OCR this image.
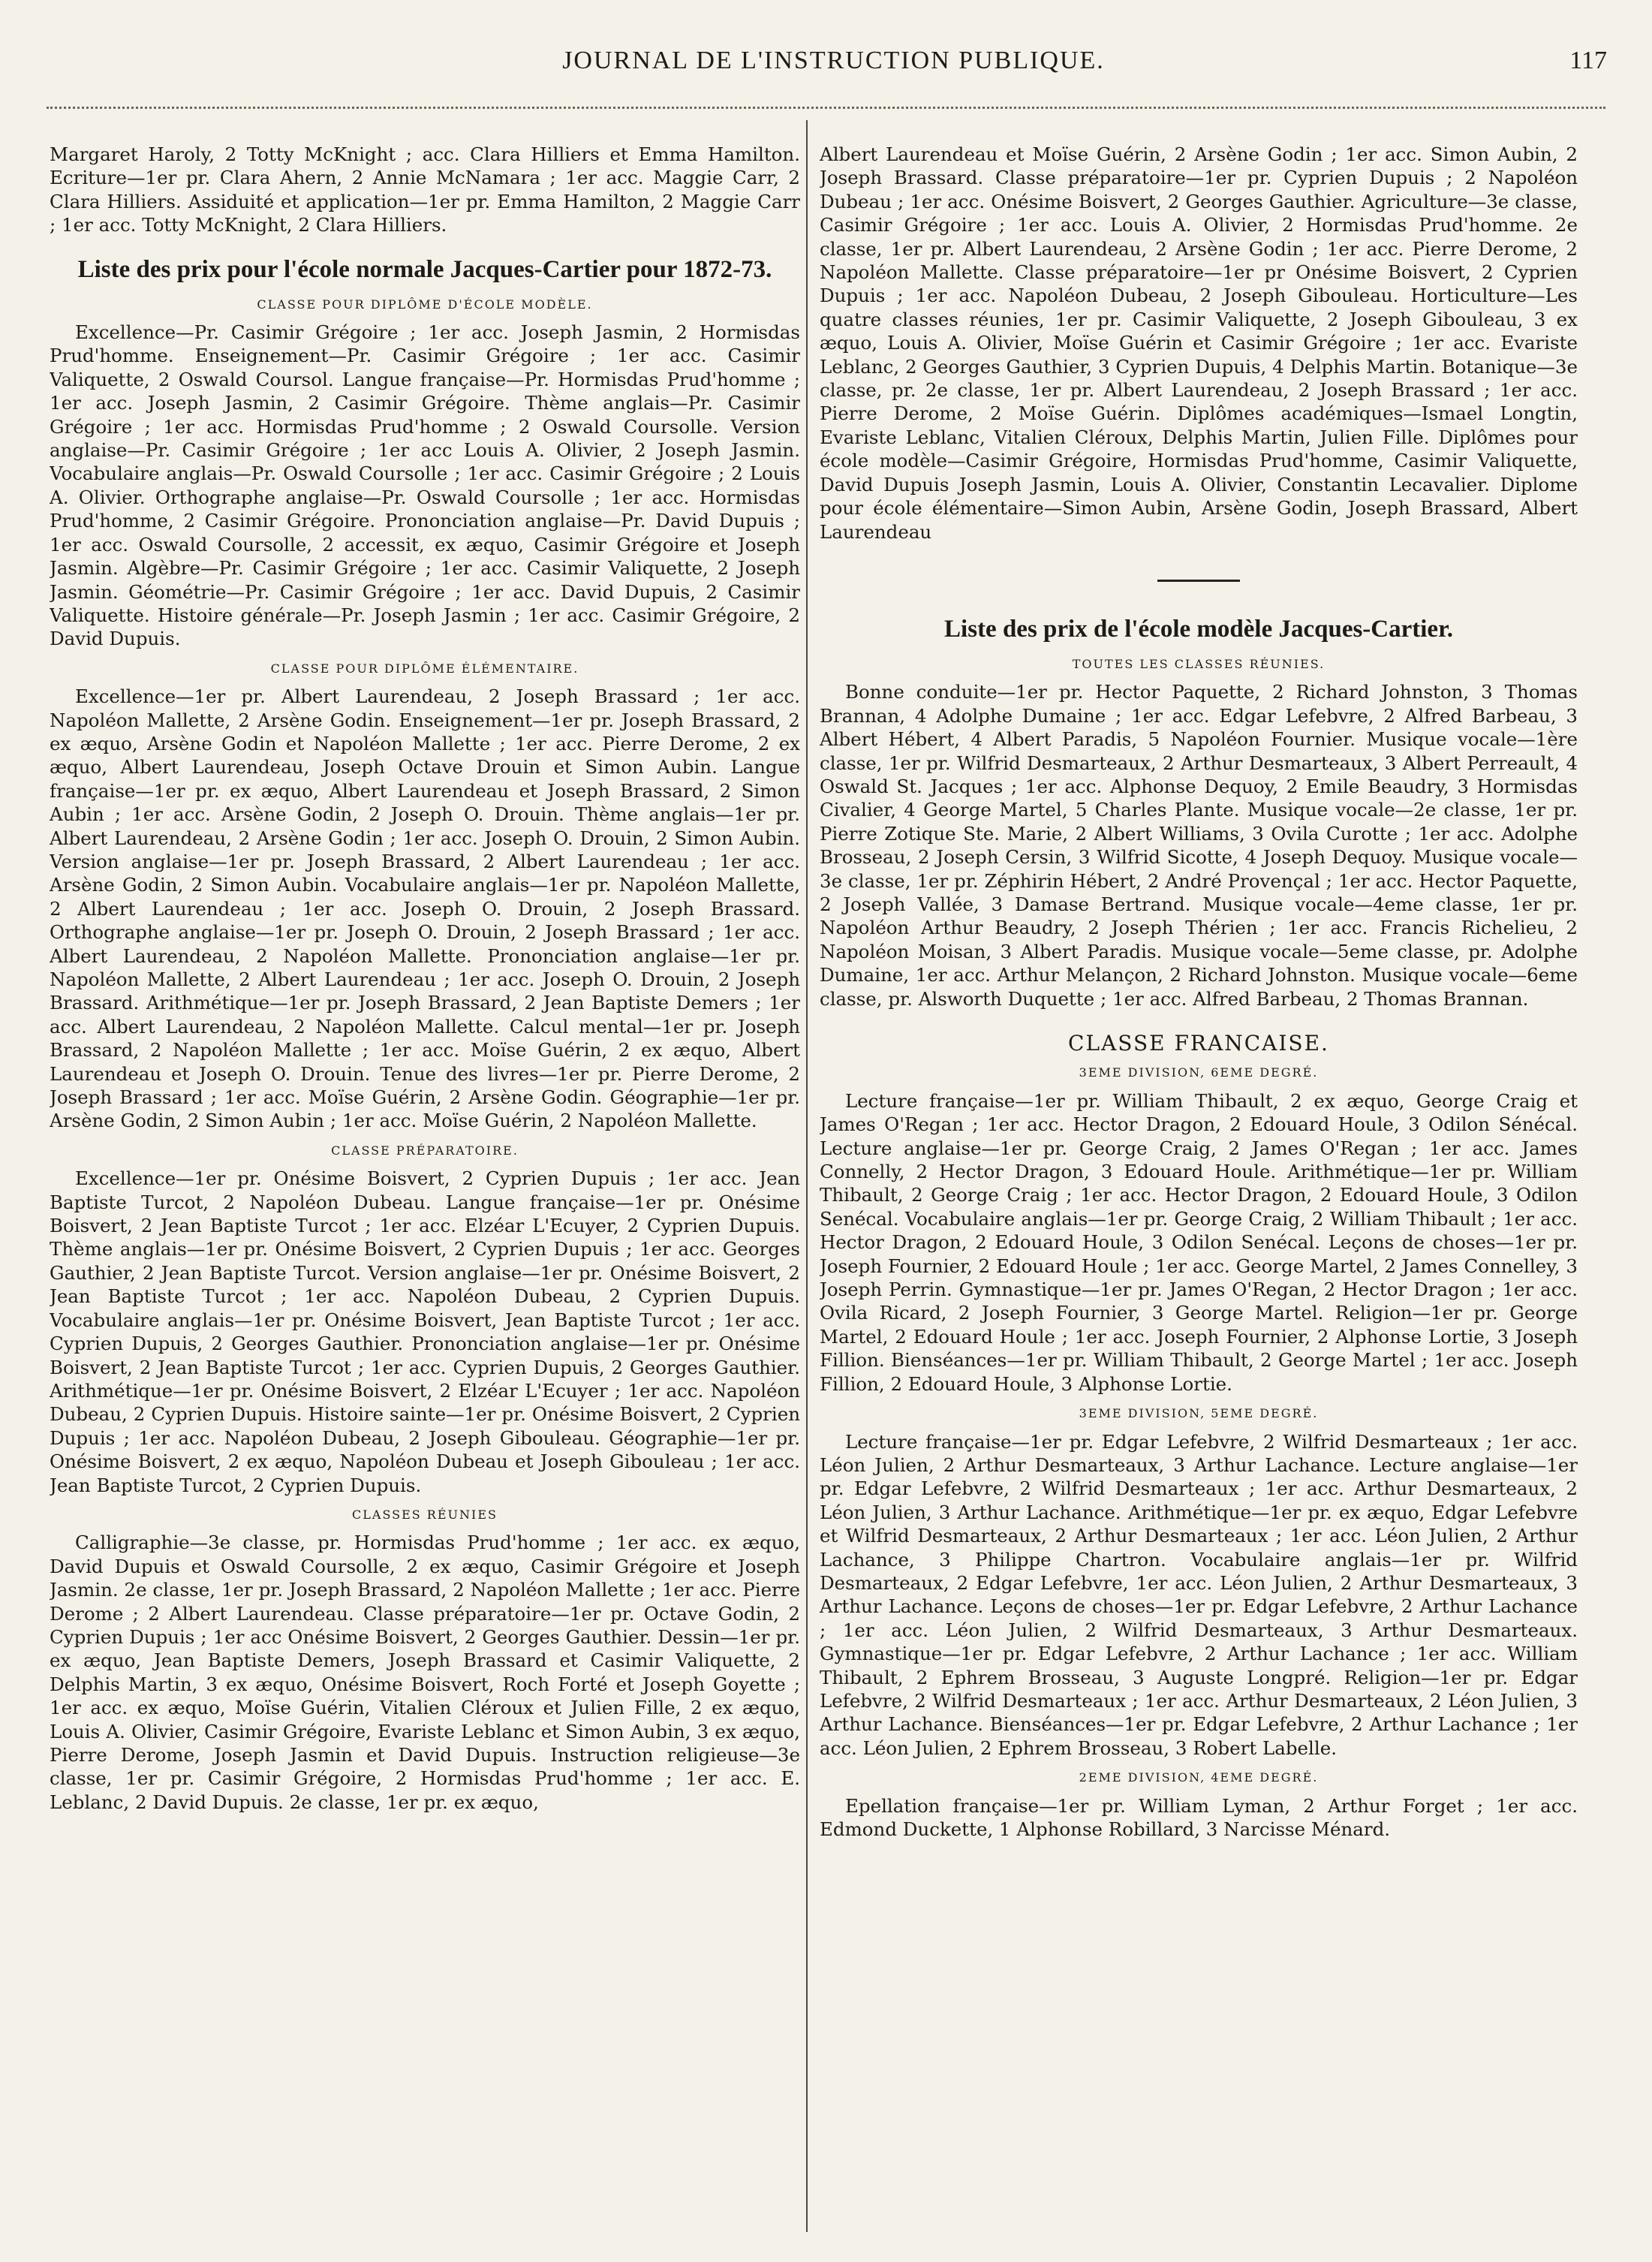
JOURNAL DE L'INSTRUCTION PUBLIQUE.	117

Margaret Haroly, 2 Totty McKnight ; acc. Clara Hilliers et Emma Hamilton. Ecriture—1er pr. Clara Ahern, 2 Annie McNamara ; 1er acc. Maggie Carr, 2 Clara Hilliers. Assiduité et application—1er pr. Emma Hamilton, 2 Maggie Carr ; 1er acc. Totty McKnight, 2 Clara Hilliers.

Liste des prix pour l'école normale Jacques-Cartier pour 1872-73.
CLASSE POUR DIPLÔME D'ÉCOLE MODÈLE.

Excellence—Pr. Casimir Grégoire ; 1er acc. Joseph Jasmin, 2 Hormisdas Prud'homme. Enseignement—Pr. Casimir Grégoire ; 1er acc. Casimir Valiquette, 2 Oswald Coursol. Langue française—Pr. Hormisdas Prud'homme ; 1er acc. Joseph Jasmin, 2 Casimir Grégoire. Thème anglais—Pr. Casimir Grégoire ; 1er acc. Hormisdas Prud'homme ; 2 Oswald Coursolle. Version anglaise—Pr. Casimir Grégoire ; 1er acc Louis A. Olivier, 2 Joseph Jasmin. Vocabulaire anglais—Pr. Oswald Coursolle ; 1er acc. Casimir Grégoire ; 2 Louis A. Olivier. Orthographe anglaise—Pr. Oswald Coursolle ; 1er acc. Hormisdas Prud'homme, 2 Casimir Grégoire. Prononciation anglaise—Pr. David Dupuis ; 1er acc. Oswald Coursolle, 2 accessit, ex æquo, Casimir Grégoire et Joseph Jasmin. Algèbre—Pr. Casimir Grégoire ; 1er acc. Casimir Valiquette, 2 Joseph Jasmin. Géométrie—Pr. Casimir Grégoire ; 1er acc. David Dupuis, 2 Casimir Valiquette. Histoire générale—Pr. Joseph Jasmin ; 1er acc. Casimir Grégoire, 2 David Dupuis.

CLASSE POUR DIPLÔME ÉLÉMENTAIRE.

Excellence—1er pr. Albert Laurendeau, 2 Joseph Brassard ; 1er acc. Napoléon Mallette, 2 Arsène Godin. Enseignement—1er pr. Joseph Brassard, 2 ex æquo, Arsène Godin et Napoléon Mallette ; 1er acc. Pierre Derome, 2 ex æquo, Albert Laurendeau, Joseph Octave Drouin et Simon Aubin. Langue française—1er pr. ex æquo, Albert Laurendeau et Joseph Brassard, 2 Simon Aubin ; 1er acc. Arsène Godin, 2 Joseph O. Drouin. Thème anglais—1er pr. Albert Laurendeau, 2 Arsène Godin ; 1er acc. Joseph O. Drouin, 2 Simon Aubin. Version anglaise—1er pr. Joseph Brassard, 2 Albert Laurendeau ; 1er acc. Arsène Godin, 2 Simon Aubin. Vocabulaire anglais—1er pr. Napoléon Mallette, 2 Albert Laurendeau ; 1er acc. Joseph O. Drouin, 2 Joseph Brassard. Orthographe anglaise—1er pr. Joseph O. Drouin, 2 Joseph Brassard ; 1er acc. Albert Laurendeau, 2 Napoléon Mallette. Prononciation anglaise—1er pr. Napoléon Mallette, 2 Albert Laurendeau ; 1er acc. Joseph O. Drouin, 2 Joseph Brassard. Arithmétique—1er pr. Joseph Brassard, 2 Jean Baptiste Demers ; 1er acc. Albert Laurendeau, 2 Napoléon Mallette. Calcul mental—1er pr. Joseph Brassard, 2 Napoléon Mallette ; 1er acc. Moïse Guérin, 2 ex æquo, Albert Laurendeau et Joseph O. Drouin. Tenue des livres—1er pr. Pierre Derome, 2 Joseph Brassard ; 1er acc. Moïse Guérin, 2 Arsène Godin. Géographie—1er pr. Arsène Godin, 2 Simon Aubin ; 1er acc. Moïse Guérin, 2 Napoléon Mallette.

CLASSE PRÉPARATOIRE.

Excellence—1er pr. Onésime Boisvert, 2 Cyprien Dupuis ; 1er acc. Jean Baptiste Turcot, 2 Napoléon Dubeau. Langue française—1er pr. Onésime Boisvert, 2 Jean Baptiste Turcot ; 1er acc. Elzéar L'Ecuyer, 2 Cyprien Dupuis. Thème anglais—1er pr. Onésime Boisvert, 2 Cyprien Dupuis ; 1er acc. Georges Gauthier, 2 Jean Baptiste Turcot. Version anglaise—1er pr. Onésime Boisvert, 2 Jean Baptiste Turcot ; 1er acc. Napoléon Dubeau, 2 Cyprien Dupuis. Vocabulaire anglais—1er pr. Onésime Boisvert, Jean Baptiste Turcot ; 1er acc. Cyprien Dupuis, 2 Georges Gauthier. Prononciation anglaise—1er pr. Onésime Boisvert, 2 Jean Baptiste Turcot ; 1er acc. Cyprien Dupuis, 2 Georges Gauthier. Arithmétique—1er pr. Onésime Boisvert, 2 Elzéar L'Ecuyer ; 1er acc. Napoléon Dubeau, 2 Cyprien Dupuis. Histoire sainte—1er pr. Onésime Boisvert, 2 Cyprien Dupuis ; 1er acc. Napoléon Dubeau, 2 Joseph Gibouleau. Géographie—1er pr. Onésime Boisvert, 2 ex æquo, Napoléon Dubeau et Joseph Gibouleau ; 1er acc. Jean Baptiste Turcot, 2 Cyprien Dupuis.

CLASSES RÉUNIES

Calligraphie—3e classe, pr. Hormisdas Prud'homme ; 1er acc. ex æquo, David Dupuis et Oswald Coursolle, 2 ex æquo, Casimir Grégoire et Joseph Jasmin. 2e classe, 1er pr. Joseph Brassard, 2 Napoléon Mallette ; 1er acc. Pierre Derome ; 2 Albert Laurendeau. Classe préparatoire—1er pr. Octave Godin, 2 Cyprien Dupuis ; 1er acc Onésime Boisvert, 2 Georges Gauthier. Dessin—1er pr. ex æquo, Jean Baptiste Demers, Joseph Brassard et Casimir Valiquette, 2 Delphis Martin, 3 ex æquo, Onésime Boisvert, Roch Forté et Joseph Goyette ; 1er acc. ex æquo, Moïse Guérin, Vitalien Cléroux et Julien Fille, 2 ex æquo, Louis A. Olivier, Casimir Grégoire, Evariste Leblanc et Simon Aubin, 3 ex æquo, Pierre Derome, Joseph Jasmin et David Dupuis. Instruction religieuse—3e classe, 1er pr. Casimir Grégoire, 2 Hormisdas Prud'homme ; 1er acc. E. Leblanc, 2 David Dupuis. 2e classe, 1er pr. ex æquo,

Albert Laurendeau et Moïse Guérin, 2 Arsène Godin ; 1er acc. Simon Aubin, 2 Joseph Brassard. Classe préparatoire—1er pr. Cyprien Dupuis ; 2 Napoléon Dubeau ; 1er acc. Onésime Boisvert, 2 Georges Gauthier. Agriculture—3e classe, Casimir Grégoire ; 1er acc. Louis A. Olivier, 2 Hormisdas Prud'homme. 2e classe, 1er pr. Albert Laurendeau, 2 Arsène Godin ; 1er acc. Pierre Derome, 2 Napoléon Mallette. Classe préparatoire—1er pr Onésime Boisvert, 2 Cyprien Dupuis ; 1er acc. Napoléon Dubeau, 2 Joseph Gibouleau. Horticulture—Les quatre classes réunies, 1er pr. Casimir Valiquette, 2 Joseph Gibouleau, 3 ex æquo, Louis A. Olivier, Moïse Guérin et Casimir Grégoire ; 1er acc. Evariste Leblanc, 2 Georges Gauthier, 3 Cyprien Dupuis, 4 Delphis Martin. Botanique—3e classe, pr. 2e classe, 1er pr. Albert Laurendeau, 2 Joseph Brassard ; 1er acc. Pierre Derome, 2 Moïse Guérin. Diplômes académiques—Ismael Longtin, Evariste Leblanc, Vitalien Cléroux, Delphis Martin, Julien Fille. Diplômes pour école modèle—Casimir Grégoire, Hormisdas Prud'homme, Casimir Valiquette, David Dupuis Joseph Jasmin, Louis A. Olivier, Constantin Lecavalier. Diplome pour école élémentaire—Simon Aubin, Arsène Godin, Joseph Brassard, Albert Laurendeau

Liste des prix de l'école modèle Jacques-Cartier.
TOUTES LES CLASSES RÉUNIES.

Bonne conduite—1er pr. Hector Paquette, 2 Richard Johnston, 3 Thomas Brannan, 4 Adolphe Dumaine ; 1er acc. Edgar Lefebvre, 2 Alfred Barbeau, 3 Albert Hébert, 4 Albert Paradis, 5 Napoléon Fournier. Musique vocale—1ère classe, 1er pr. Wilfrid Desmarteaux, 2 Arthur Desmarteaux, 3 Albert Perreault, 4 Oswald St. Jacques ; 1er acc. Alphonse Dequoy, 2 Emile Beaudry, 3 Hormisdas Civalier, 4 George Martel, 5 Charles Plante. Musique vocale—2e classe, 1er pr. Pierre Zotique Ste. Marie, 2 Albert Williams, 3 Ovila Curotte ; 1er acc. Adolphe Brosseau, 2 Joseph Cersin, 3 Wilfrid Sicotte, 4 Joseph Dequoy. Musique vocale—3e classe, 1er pr. Zéphirin Hébert, 2 André Provençal ; 1er acc. Hector Paquette, 2 Joseph Vallée, 3 Damase Bertrand. Musique vocale—4eme classe, 1er pr. Napoléon Arthur Beaudry, 2 Joseph Thérien ; 1er acc. Francis Richelieu, 2 Napoléon Moisan, 3 Albert Paradis. Musique vocale—5eme classe, pr. Adolphe Dumaine, 1er acc. Arthur Melançon, 2 Richard Johnston. Musique vocale—6eme classe, pr. Alsworth Duquette ; 1er acc. Alfred Barbeau, 2 Thomas Brannan.

CLASSE FRANCAISE.
3EME DIVISION, 6EME DEGRÉ.

Lecture française—1er pr. William Thibault, 2 ex æquo, George Craig et James O'Regan ; 1er acc. Hector Dragon, 2 Edouard Houle, 3 Odilon Sénécal. Lecture anglaise—1er pr. George Craig, 2 James O'Regan ; 1er acc. James Connelly, 2 Hector Dragon, 3 Edouard Houle. Arithmétique—1er pr. William Thibault, 2 George Craig ; 1er acc. Hector Dragon, 2 Edouard Houle, 3 Odilon Senécal. Vocabulaire anglais—1er pr. George Craig, 2 William Thibault ; 1er acc. Hector Dragon, 2 Edouard Houle, 3 Odilon Senécal. Leçons de choses—1er pr. Joseph Fournier, 2 Edouard Houle ; 1er acc. George Martel, 2 James Connelley, 3 Joseph Perrin. Gymnastique—1er pr. James O'Regan, 2 Hector Dragon ; 1er acc. Ovila Ricard, 2 Joseph Fournier, 3 George Martel. Religion—1er pr. George Martel, 2 Edouard Houle ; 1er acc. Joseph Fournier, 2 Alphonse Lortie, 3 Joseph Fillion. Bienséances—1er pr. William Thibault, 2 George Martel ; 1er acc. Joseph Fillion, 2 Edouard Houle, 3 Alphonse Lortie.

3EME DIVISION, 5EME DEGRÉ.

Lecture française—1er pr. Edgar Lefebvre, 2 Wilfrid Desmarteaux ; 1er acc. Léon Julien, 2 Arthur Desmarteaux, 3 Arthur Lachance. Lecture anglaise—1er pr. Edgar Lefebvre, 2 Wilfrid Desmarteaux ; 1er acc. Arthur Desmarteaux, 2 Léon Julien, 3 Arthur Lachance. Arithmétique—1er pr. ex æquo, Edgar Lefebvre et Wilfrid Desmarteaux, 2 Arthur Desmarteaux ; 1er acc. Léon Julien, 2 Arthur Lachance, 3 Philippe Chartron. Vocabulaire anglais—1er pr. Wilfrid Desmarteaux, 2 Edgar Lefebvre, 1er acc. Léon Julien, 2 Arthur Desmarteaux, 3 Arthur Lachance. Leçons de choses—1er pr. Edgar Lefebvre, 2 Arthur Lachance ; 1er acc. Léon Julien, 2 Wilfrid Desmarteaux, 3 Arthur Desmarteaux. Gymnastique—1er pr. Edgar Lefebvre, 2 Arthur Lachance ; 1er acc. William Thibault, 2 Ephrem Brosseau, 3 Auguste Longpré. Religion—1er pr. Edgar Lefebvre, 2 Wilfrid Desmarteaux ; 1er acc. Arthur Desmarteaux, 2 Léon Julien, 3 Arthur Lachance. Bienséances—1er pr. Edgar Lefebvre, 2 Arthur Lachance ; 1er acc. Léon Julien, 2 Ephrem Brosseau, 3 Robert Labelle.

2EME DIVISION, 4EME DEGRÉ.

Epellation française—1er pr. William Lyman, 2 Arthur Forget ; 1er acc. Edmond Duckette, 1 Alphonse Robillard, 3 Narcisse Ménard.
